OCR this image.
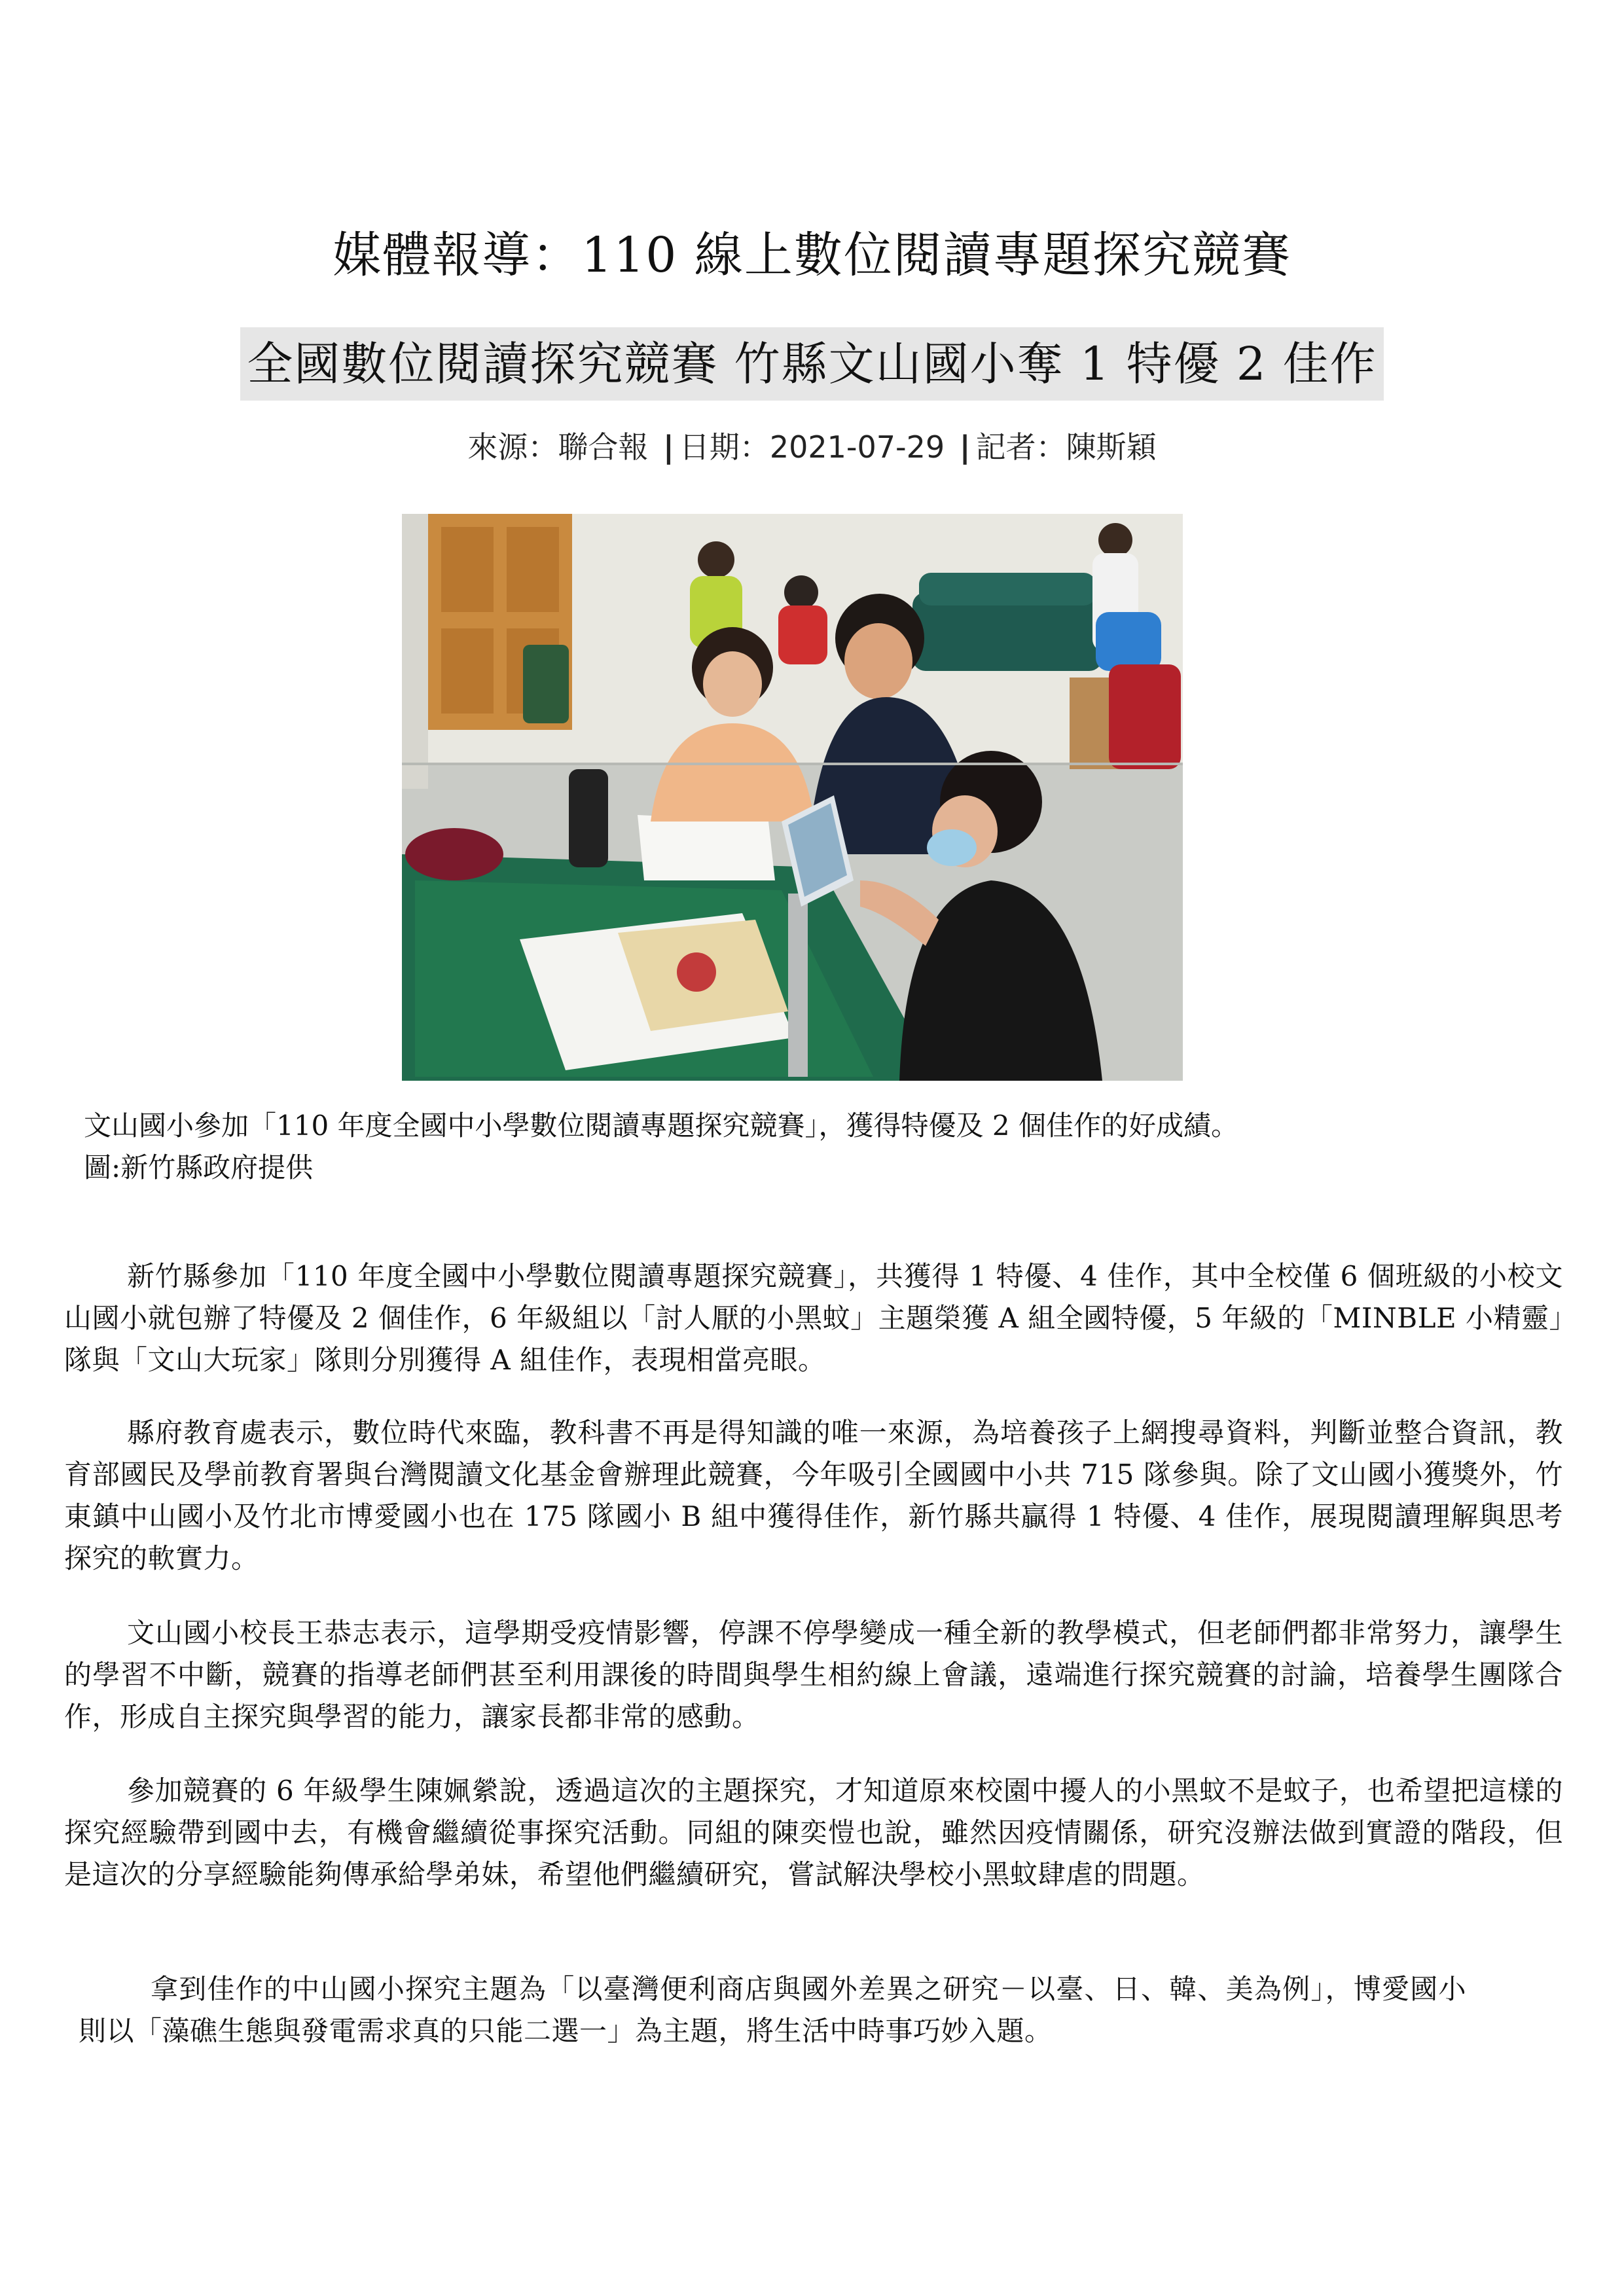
媒體報導：110 線上數位閱讀專題探究競賽
全國數位閱讀探究競賽 竹縣文山國小奪 1 特優 2 佳作
來源：聯合報 | 日期：2021-07-29 | 記者：陳斯穎
文山國小參加「110 年度全國中小學數位閱讀專題探究競賽」，獲得特優及 2 個佳作的好成績。
圖:新竹縣政府提供

新竹縣參加「110 年度全國中小學數位閱讀專題探究競賽」，共獲得 1 特優、4 佳作，其中全校僅 6 個班級的小校文山國小就包辦了特優及 2 個佳作，6 年級組以「討人厭的小黑蚊」主題榮獲 A 組全國特優，5 年級的「MINBLE 小精靈」隊與「文山大玩家」隊則分別獲得 A 組佳作，表現相當亮眼。

縣府教育處表示，數位時代來臨，教科書不再是得知識的唯一來源，為培養孩子上網搜尋資料，判斷並整合資訊，教育部國民及學前教育署與台灣閱讀文化基金會辦理此競賽，今年吸引全國國中小共 715 隊參與。除了文山國小獲獎外，竹東鎮中山國小及竹北市博愛國小也在 175 隊國小 B 組中獲得佳作，新竹縣共贏得 1 特優、4 佳作，展現閱讀理解與思考探究的軟實力。

文山國小校長王恭志表示，這學期受疫情影響，停課不停學變成一種全新的教學模式，但老師們都非常努力，讓學生的學習不中斷，競賽的指導老師們甚至利用課後的時間與學生相約線上會議，遠端進行探究競賽的討論，培養學生團隊合作，形成自主探究與學習的能力，讓家長都非常的感動。

參加競賽的 6 年級學生陳姵縈說，透過這次的主題探究，才知道原來校園中擾人的小黑蚊不是蚊子，也希望把這樣的探究經驗帶到國中去，有機會繼續從事探究活動。同組的陳奕愷也說，雖然因疫情關係，研究沒辦法做到實證的階段，但是這次的分享經驗能夠傳承給學弟妹，希望他們繼續研究，嘗試解決學校小黑蚊肆虐的問題。

拿到佳作的中山國小探究主題為「以臺灣便利商店與國外差異之研究－以臺、日、韓、美為例」，博愛國小則以「藻礁生態與發電需求真的只能二選一」為主題，將生活中時事巧妙入題。
